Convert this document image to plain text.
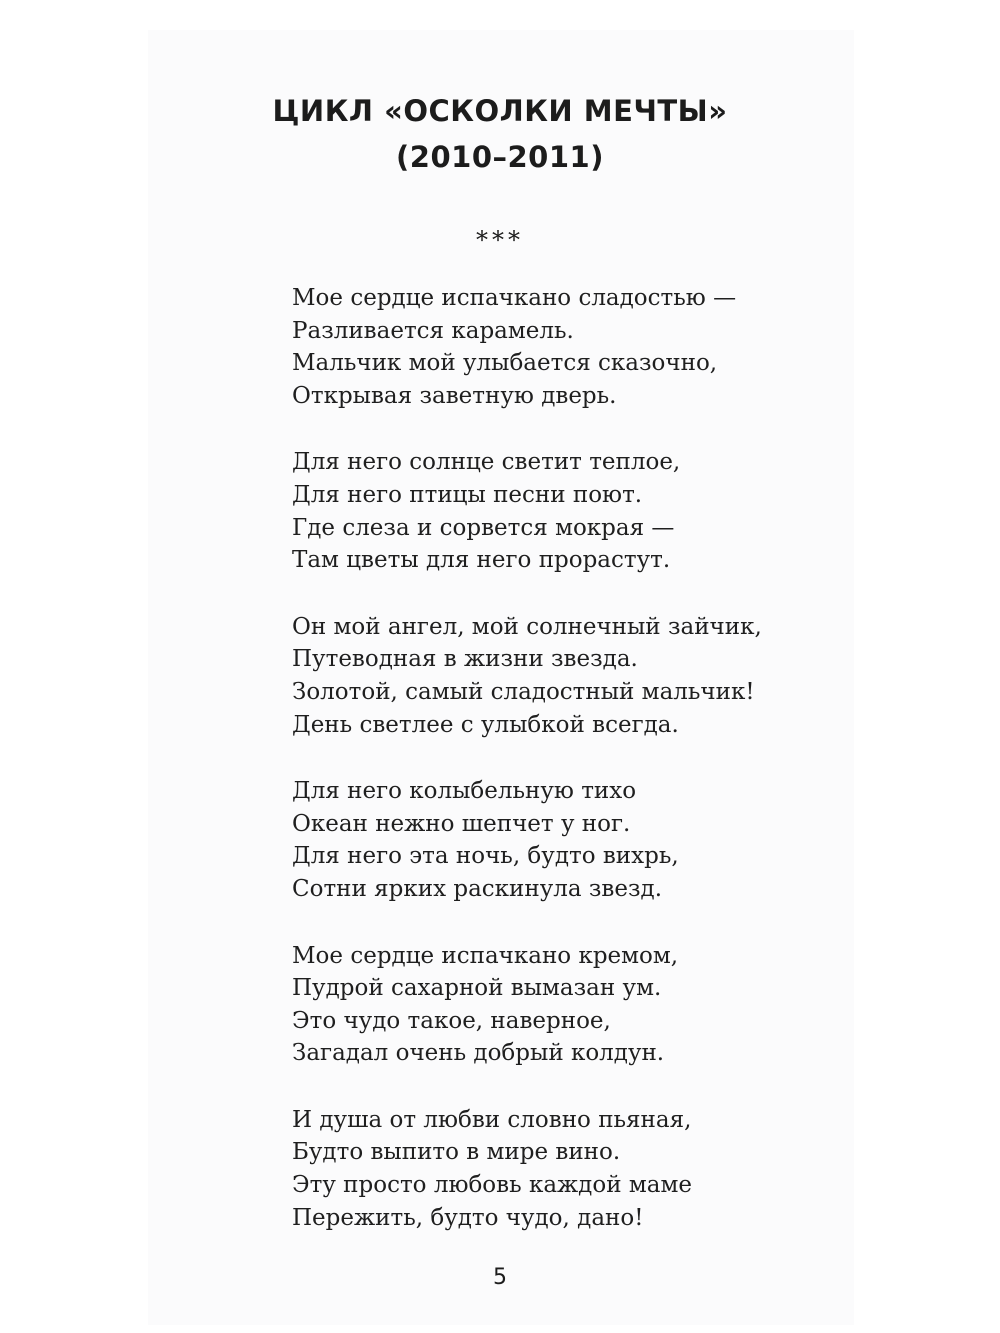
ЦИКЛ «ОСКОЛКИ МЕЧТЫ»
(2010–2011)
***
Мое сердце испачкано сладостью —
Разливается карамель.
Мальчик мой улыбается сказочно,
Открывая заветную дверь.
Для него солнце светит теплое,
Для него птицы песни поют.
Где слеза и сорвется мокрая —
Там цветы для него прорастут.
Он мой ангел, мой солнечный зайчик,
Путеводная в жизни звезда.
Золотой, самый сладостный мальчик!
День светлее с улыбкой всегда.
Для него колыбельную тихо
Океан нежно шепчет у ног.
Для него эта ночь, будто вихрь,
Сотни ярких раскинула звезд.
Мое сердце испачкано кремом,
Пудрой сахарной вымазан ум.
Это чудо такое, наверное,
Загадал очень добрый колдун.
И душа от любви словно пьяная,
Будто выпито в мире вино.
Эту просто любовь каждой маме
Пережить, будто чудо, дано!
5
